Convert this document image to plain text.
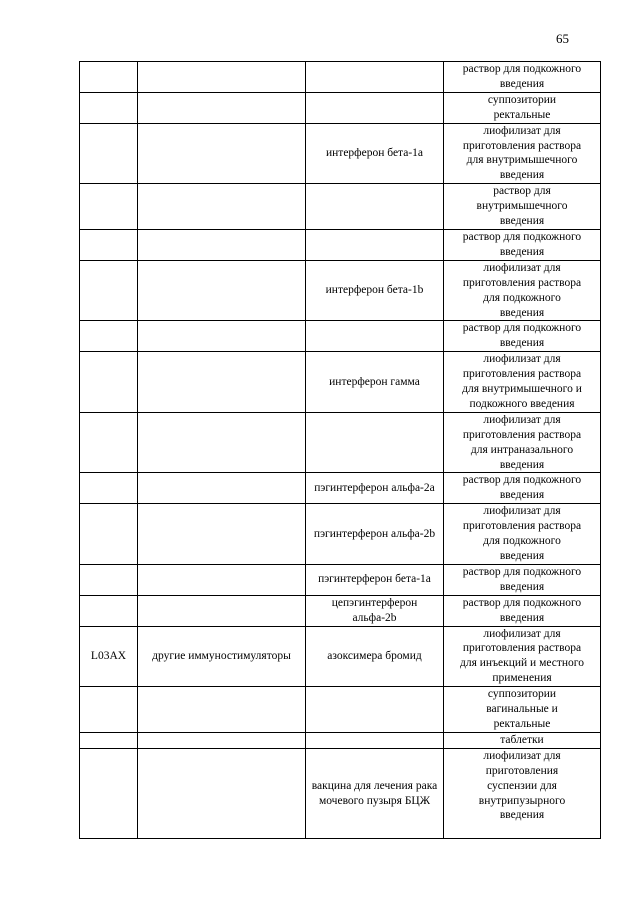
65

			раствор для подкожного
введения

			суппозитории
ректальные

		интерферон бета-1a	лиофилизат для
приготовления раствора
для внутримышечного
введения

			раствор для
внутримышечного
введения

			раствор для подкожного
введения

		интерферон бета-1b	лиофилизат для
приготовления раствора
для подкожного
введения

			раствор для подкожного
введения

		интерферон гамма	лиофилизат для
приготовления раствора
для внутримышечного и
подкожного введения

			лиофилизат для
приготовления раствора
для интраназального
введения

		пэгинтерферон альфа-2a	раствор для подкожного
введения

		пэгинтерферон альфа-2b	лиофилизат для
приготовления раствора
для подкожного
введения

		пэгинтерферон бета-1a	раствор для подкожного
введения

		цепэгинтерферон альфа-2b	раствор для подкожного
введения

L03AX	другие иммуностимуляторы	азоксимера бромид	лиофилизат для
приготовления раствора
для инъекций и местного
применения

			суппозитории
вагинальные и
ректальные

			таблетки

		вакцина для лечения рака мочевого пузыря БЦЖ	лиофилизат для
приготовления
суспензии для
внутрипузырного
введения
